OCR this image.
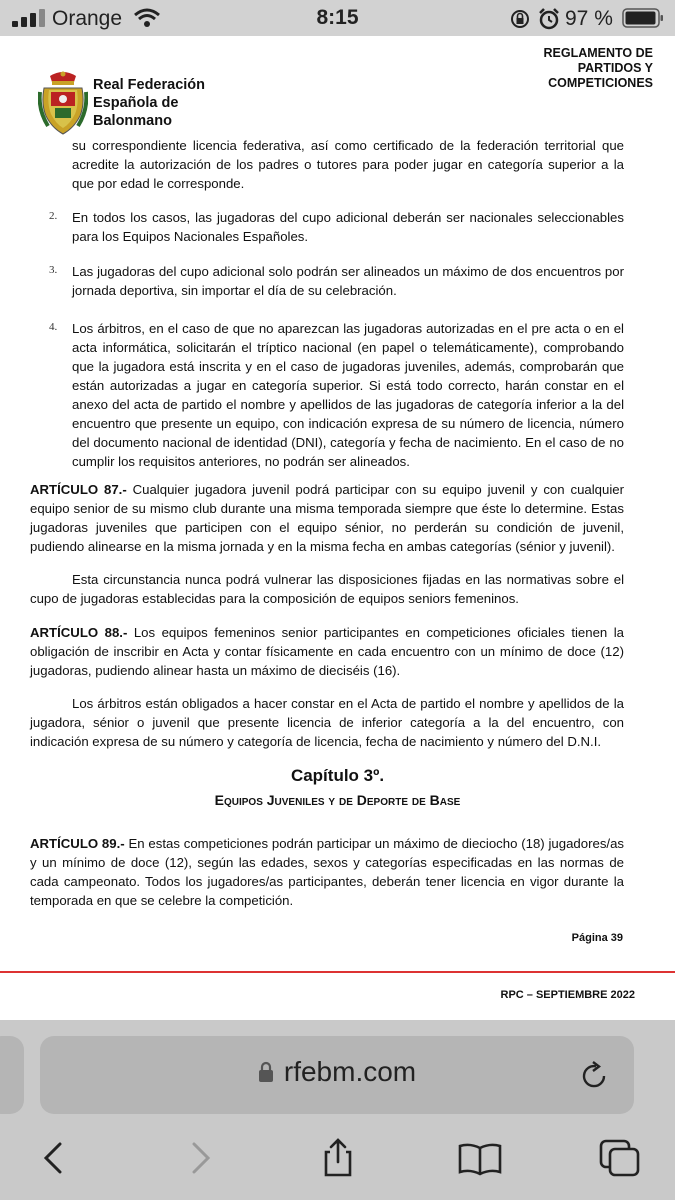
Orange	8:15	97 %
REGLAMENTO DE
PARTIDOS Y
COMPETICIONES
Real Federación
Española de
Balonmano
su correspondiente licencia federativa, así como certificado de la federación territorial que acredite la autorización de los padres o tutores para poder jugar en categoría superior a la que por edad le corresponde.
2. En todos los casos, las jugadoras del cupo adicional deberán ser nacionales seleccionables para los Equipos Nacionales Españoles.
3. Las jugadoras del cupo adicional solo podrán ser alineados un máximo de dos encuentros por jornada deportiva, sin importar el día de su celebración.
4. Los árbitros, en el caso de que no aparezcan las jugadoras autorizadas en el pre acta o en el acta informática, solicitarán el tríptico nacional (en papel o telemáticamente), comprobando que la jugadora está inscrita y en el caso de jugadoras juveniles, además, comprobarán que están autorizadas a jugar en categoría superior. Si está todo correcto, harán constar en el anexo del acta de partido el nombre y apellidos de las jugadoras de categoría inferior a la del encuentro que presente un equipo, con indicación expresa de su número de licencia, número del documento nacional de identidad (DNI), categoría y fecha de nacimiento. En el caso de no cumplir los requisitos anteriores, no podrán ser alineados.
ARTÍCULO 87.- Cualquier jugadora juvenil podrá participar con su equipo juvenil y con cualquier equipo senior de su mismo club durante una misma temporada siempre que éste lo determine. Estas jugadoras juveniles que participen con el equipo sénior, no perderán su condición de juvenil, pudiendo alinearse en la misma jornada y en la misma fecha en ambas categorías (sénior y juvenil).
Esta circunstancia nunca podrá vulnerar las disposiciones fijadas en las normativas sobre el cupo de jugadoras establecidas para la composición de equipos seniors femeninos.
ARTÍCULO 88.- Los equipos femeninos senior participantes en competiciones oficiales tienen la obligación de inscribir en Acta y contar físicamente en cada encuentro con un mínimo de doce (12) jugadoras, pudiendo alinear hasta un máximo de dieciséis (16).
Los árbitros están obligados a hacer constar en el Acta de partido el nombre y apellidos de la jugadora, sénior o juvenil que presente licencia de inferior categoría a la del encuentro, con indicación expresa de su número y categoría de licencia, fecha de nacimiento y número del D.N.I.
Capítulo 3º.
Equipos Juveniles y de Deporte de Base
ARTÍCULO 89.- En estas competiciones podrán participar un máximo de dieciocho (18) jugadores/as y un mínimo de doce (12), según las edades, sexos y categorías especificadas en las normas de cada campeonato. Todos los jugadores/as participantes, deberán tener licencia en vigor durante la temporada en que se celebre la competición.
Página 39
RPC – SEPTIEMBRE 2022
rfebm.com
